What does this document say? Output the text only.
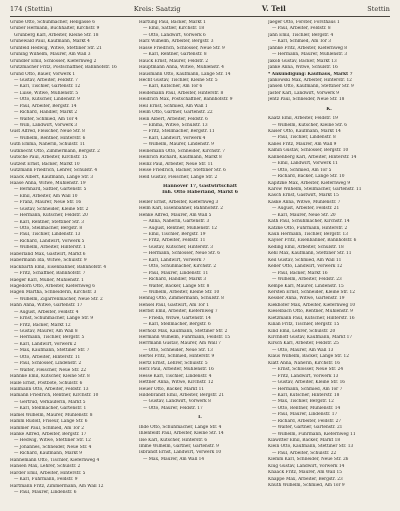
174 (Stettin)	Kreis: Saatzig	V. Teil	Stettin
Grube Otto, Schuhmacher, Hellgasse 6
Gruber Hermann, Buchhalter, Kirchstr. 9
Grünberg Karl, Arbeiter, Kleine Str. 18
Grünewald Paul, Kaufmann, Markt 4
Grünfeld Hedwig, Witwe, Stettiner Str. 21
Grüning Wilhelm, Maurer, Am Wall 3
Gründler Emil, Schlosser, Kiefernweg 2
Grützmacher Fritz, Postschaffner, Bahnhofstr. 16
Grund Otto, Bauer, Vorwerk 1
— Gustav, Arbeiter, Feldstr. 7
— Karl, Tischler, Gartenstr. 12
— Luise, Witwe, Mühlenstr. 5
— Otto, Kutscher, Lindenstr. 9
— Paul, Arbeiter, Bergstr. 14
— Richard, Händler, Markt 2
— Walter, Schmied, Am Tor 4
— Willi, Landwirt, Vorwerk 3
Gust Alfred, Fleischer, Neue Str. 8
— Wilhelm, Rentner, Hinterstr. 6
Guth Emma, Näherin, Schulstr. 11
Gutknecht Otto, Zimmermann, Bergstr. 2
Gutsche Paul, Arbeiter, Kirchstr. 15
Gutzeit Ernst, Bäcker, Markt 10
Gutzmann Friedrich, Lehrer, Schulstr. 4
Haack Albert, Kaufmann, Lange Str. 3
Haase Anna, Witwe, Mühlenstr. 19
— Bernhard, Sattler, Gartenstr. 5
— Emil, Arbeiter, Am Wall 10
— Franz, Maurer, Neue Str. 16
— Gustav, Schneider, Kleine Str. 2
— Hermann, Kutscher, Feldstr. 20
— Karl, Rentner, Stettiner Str. 3
— Otto, Stellmacher, Bergstr. 8
— Paul, Tischler, Lindenstr. 13
— Richard, Landwirt, Vorwerk 5
— Wilhelm, Arbeiter, Hinterstr. 1
Haberland Max, Gastwirt, Markt 6
Habermann Ida, Witwe, Schulstr. 9
Hackbarth Emil, Eisenbahner, Bahnhofstr. 4
— Fritz, Schaffner, Bahnhofstr. 7
Haeger Karl, Müller, Mühlenstr. 1
Hagedorn Otto, Arbeiter, Kiefernweg 6
Hagen Martha, Schneiderin, Kirchstr. 3
— Wilhelm, Zigarrenmacher, Neue Str. 2
Hahn Anna, Witwe, Gartenstr. 17
— August, Arbeiter, Feldstr. 4
— Ernst, Schuhmacher, Lange Str. 9
— Fritz, Bäcker, Markt 12
— Gustav, Maurer, Am Wall 8
— Hermann, Tischler, Bergstr. 5
— Karl, Landwirt, Vorwerk 2
— Max, Kaufmann, Stettiner Str. 7
— Otto, Arbeiter, Hinterstr. 11
— Paul, Schlosser, Lindenstr. 2
— Walter, Fleischer, Neue Str. 22
Hahnke Emil, Kutscher, Kleine Str. 8
Halle Ernst, Postbote, Schulstr. 6
Hallmann Otto, Arbeiter, Feldstr. 13
Hamann Friedrich, Rentner, Kirchstr. 10
— Gertrud, Verkäuferin, Markt 5
— Karl, Stellmacher, Gartenstr. 1
Hamel Wilhelm, Maurer, Mühlenstr. 8
Hamm Rudolf, Friseur, Lange Str. 6
Hammer Paul, Schmied, Am Tor 2
Hanke Alfred, Arbeiter, Bergstr. 17
— Hedwig, Witwe, Stettiner Str. 12
— Johannes, Schneider, Neue Str. 4
— Richard, Kaufmann, Markt 9
Hannemann Otto, Tischler, Kiefernweg 4
Hansen Max, Lehrer, Schulstr. 2
Harder Emil, Arbeiter, Hinterstr. 5
— Karl, Fuhrmann, Feldstr. 9
Hartmann Fritz, Zimmermann, Am Wall 12
— Paul, Maurer, Lindenstr. 6
Hartung Paul, Bäcker, Markt 1
— Emil, Sattler, Kirchstr. 18
— Otto, Landwirt, Vorwerk 6
Harz Wilhelm, Arbeiter, Bergstr. 3
Hasse Friedrich, Schlosser, Neue Str. 9
— Karl, Rentner, Gartenstr. 8
Hauck Ernst, Maurer, Feldstr. 2
Hauptmann Anna, Witwe, Mühlenstr. 4
Hausmann Otto, Kaufmann, Lange Str. 14
Hecht Gustav, Tischler, Kleine Str. 5
— Karl, Kutscher, Am Tor 6
Heidemann Paul, Arbeiter, Hinterstr. 8
Heidrich Max, Postschaffner, Bahnhofstr. 9
Heil Ernst, Schmied, Am Wall 1
Heim Otto, Gärtner, Gartenstr. 22
Hein Albert, Arbeiter, Feldstr. 6
— Emma, Witwe, Schulstr. 13
— Fritz, Stellmacher, Bergstr. 11
— Karl, Landwirt, Vorwerk 4
— Wilhelm, Maurer, Lindenstr. 9
Heinemann Otto, Schneider, Kirchstr. 7
Heinrich Richard, Kaufmann, Markt 8
Heinz Paul, Arbeiter, Neue Str. 11
Heise Friedrich, Bäcker, Stettiner Str. 6
Held Gustav, Fleischer, Lange Str. 2
Hannover 17, Gastwirtschaft
Inh. Otto Haberland, Markt 6
Heller Ernst, Arbeiter, Kiefernweg 3
Helm Karl, Eisenbahner, Bahnhofstr. 2
Henke Alfred, Maurer, Am Wall 5
— Anna, Näherin, Gartenstr. 3
— August, Rentner, Mühlenstr. 12
— Emil, Tischler, Bergstr. 19
— Fritz, Arbeiter, Feldstr. 11
— Gustav, Kutscher, Hinterstr. 3
— Hermann, Schlosser, Neue Str. 6
— Karl, Landwirt, Vorwerk 7
— Otto, Schuhmacher, Kirchstr. 2
— Paul, Maurer, Lindenstr. 11
— Richard, Händler, Markt 3
— Walter, Bäcker, Lange Str. 8
— Wilhelm, Arbeiter, Kleine Str. 10
Hennig Otto, Zimmermann, Schulstr. 8
Hensel Paul, Gastwirt, Am Tor 1
Herbst Emil, Arbeiter, Kiefernweg 7
— Frieda, Witwe, Gartenstr. 14
— Karl, Stellmacher, Bergstr. 6
Herholz Max, Kaufmann, Stettiner Str. 2
Hermann Wilhelm, Fuhrmann, Feldstr. 15
Herrmann Gustav, Maurer, Am Wall 7
— Otto, Schneider, Neue Str. 13
Hertel Fritz, Schmied, Hinterstr. 9
Hertz Ernst, Lehrer, Schulstr. 5
Herz Paul, Arbeiter, Mühlenstr. 16
Hesse Karl, Tischler, Lindenstr. 4
Hettner Anna, Witwe, Kirchstr. 12
Heuer Otto, Bäcker, Markt 11
Hildebrandt Emil, Arbeiter, Bergstr. 21
— Gustav, Landwirt, Vorwerk 8
— Otto, Maurer, Feldstr. 17
I.
Ihde Otto, Schuhmacher, Lange Str. 4
Ihlenfeldt Paul, Arbeiter, Kleine Str. 14
Ilse Karl, Kutscher, Hinterstr. 6
Imme Wilhelm, Gärtner, Gartenstr. 9
Isbrandt Ernst, Landwirt, Vorwerk 10
— Max, Maurer, Am Wall 14
Jaeger Otto, Förster, Forsthaus 1
— Paul, Arbeiter, Feldstr. 8
Jahn Emil, Tischler, Bergstr. 4
— Karl, Schmied, Am Tor 3
Jahnke Fritz, Arbeiter, Kiefernweg 8
— Hermann, Maurer, Mühlenstr. 3
Jakob Gustav, Bäcker, Markt 13
Janke Anna, Witwe, Schulstr. 16
* Ankündigung: Kaufhaus, Markt 7
Jankowski Max, Arbeiter, Hinterstr. 12
Jansen Otto, Kaufmann, Stettiner Str. 9
Jaster Karl, Landwirt, Vorwerk 9
Jentz Paul, Schneider, Neue Str. 18
K.
Kaatz Emil, Arbeiter, Feldstr. 19
— Wilhelm, Kutscher, Kleine Str. 6
Kaiser Otto, Kaufmann, Markt 14
— Paul, Tischler, Lindenstr. 8
Kalies Fritz, Maurer, Am Wall 9
Kamin Gustav, Schlosser, Bergstr. 10
Kannenberg Karl, Arbeiter, Hinterstr. 14
— Emil, Landwirt, Vorwerk 11
— Otto, Schmied, Am Tor 5
— Richard, Bäcker, Lange Str. 10
Kapitzke Max, Arbeiter, Kiefernweg 9
Karow Wilhelm, Stellmacher, Gartenstr. 11
Kasch Ernst, Gastwirt, Markt 15
Kaske Anna, Witwe, Mühlenstr. 7
— August, Arbeiter, Feldstr. 21
— Karl, Maurer, Neue Str. 20
Kath Paul, Schuhmacher, Kirchstr. 14
Katzke Otto, Fuhrmann, Hinterstr. 2
Kaun Hermann, Tischler, Bergstr. 13
Kayser Fritz, Eisenbahner, Bahnhofstr. 6
Keding Emil, Arbeiter, Schulstr. 18
Kehl Max, Kaufmann, Stettiner Str. 11
Keil Gustav, Schmied, Am Wall 11
Keller Otto, Landwirt, Vorwerk 12
— Paul, Bäcker, Markt 16
— Wilhelm, Arbeiter, Feldstr. 23
Kempe Karl, Maurer, Lindenstr. 15
Kersten Ernst, Schneider, Kleine Str. 12
Kessler Anna, Witwe, Gartenstr. 19
Kiekhöfer Max, Arbeiter, Kiefernweg 10
Kieselbach Otto, Rentner, Mühlenstr. 9
Kietzmann Paul, Kutscher, Hinterstr. 16
Kilian Fritz, Tischler, Bergstr. 15
Kind Emil, Lehrer, Schulstr. 20
Kirchhoff Gustav, Kaufmann, Markt 17
Kirsch Karl, Arbeiter, Feldstr. 25
— Otto, Maurer, Am Wall 13
Klaus Wilhelm, Bäcker, Lange Str. 12
Klatt Anna, Näherin, Kirchstr. 16
— Ernst, Schlosser, Neue Str. 24
— Fritz, Landwirt, Vorwerk 13
— Gustav, Arbeiter, Kleine Str. 16
— Hermann, Schmied, Am Tor 7
— Karl, Kutscher, Hinterstr. 18
— Max, Tischler, Bergstr. 12
— Otto, Rentner, Mühlenstr. 14
— Paul, Maurer, Lindenstr. 17
— Richard, Arbeiter, Feldstr. 27
— Walter, Gärtner, Gartenstr. 21
— Wilhelm, Fuhrmann, Kiefernweg 11
Klawitter Emil, Bäcker, Markt 18
Klein Otto, Kaufmann, Stettiner Str. 13
— Paul, Arbeiter, Schulstr. 22
Klemm Karl, Schneider, Neue Str. 26
Klug Gustav, Landwirt, Vorwerk 14
Knaack Fritz, Maurer, Am Wall 15
Knappe Max, Arbeiter, Bergstr. 23
Knuth Wilhelm, Schmied, Am Tor 9
